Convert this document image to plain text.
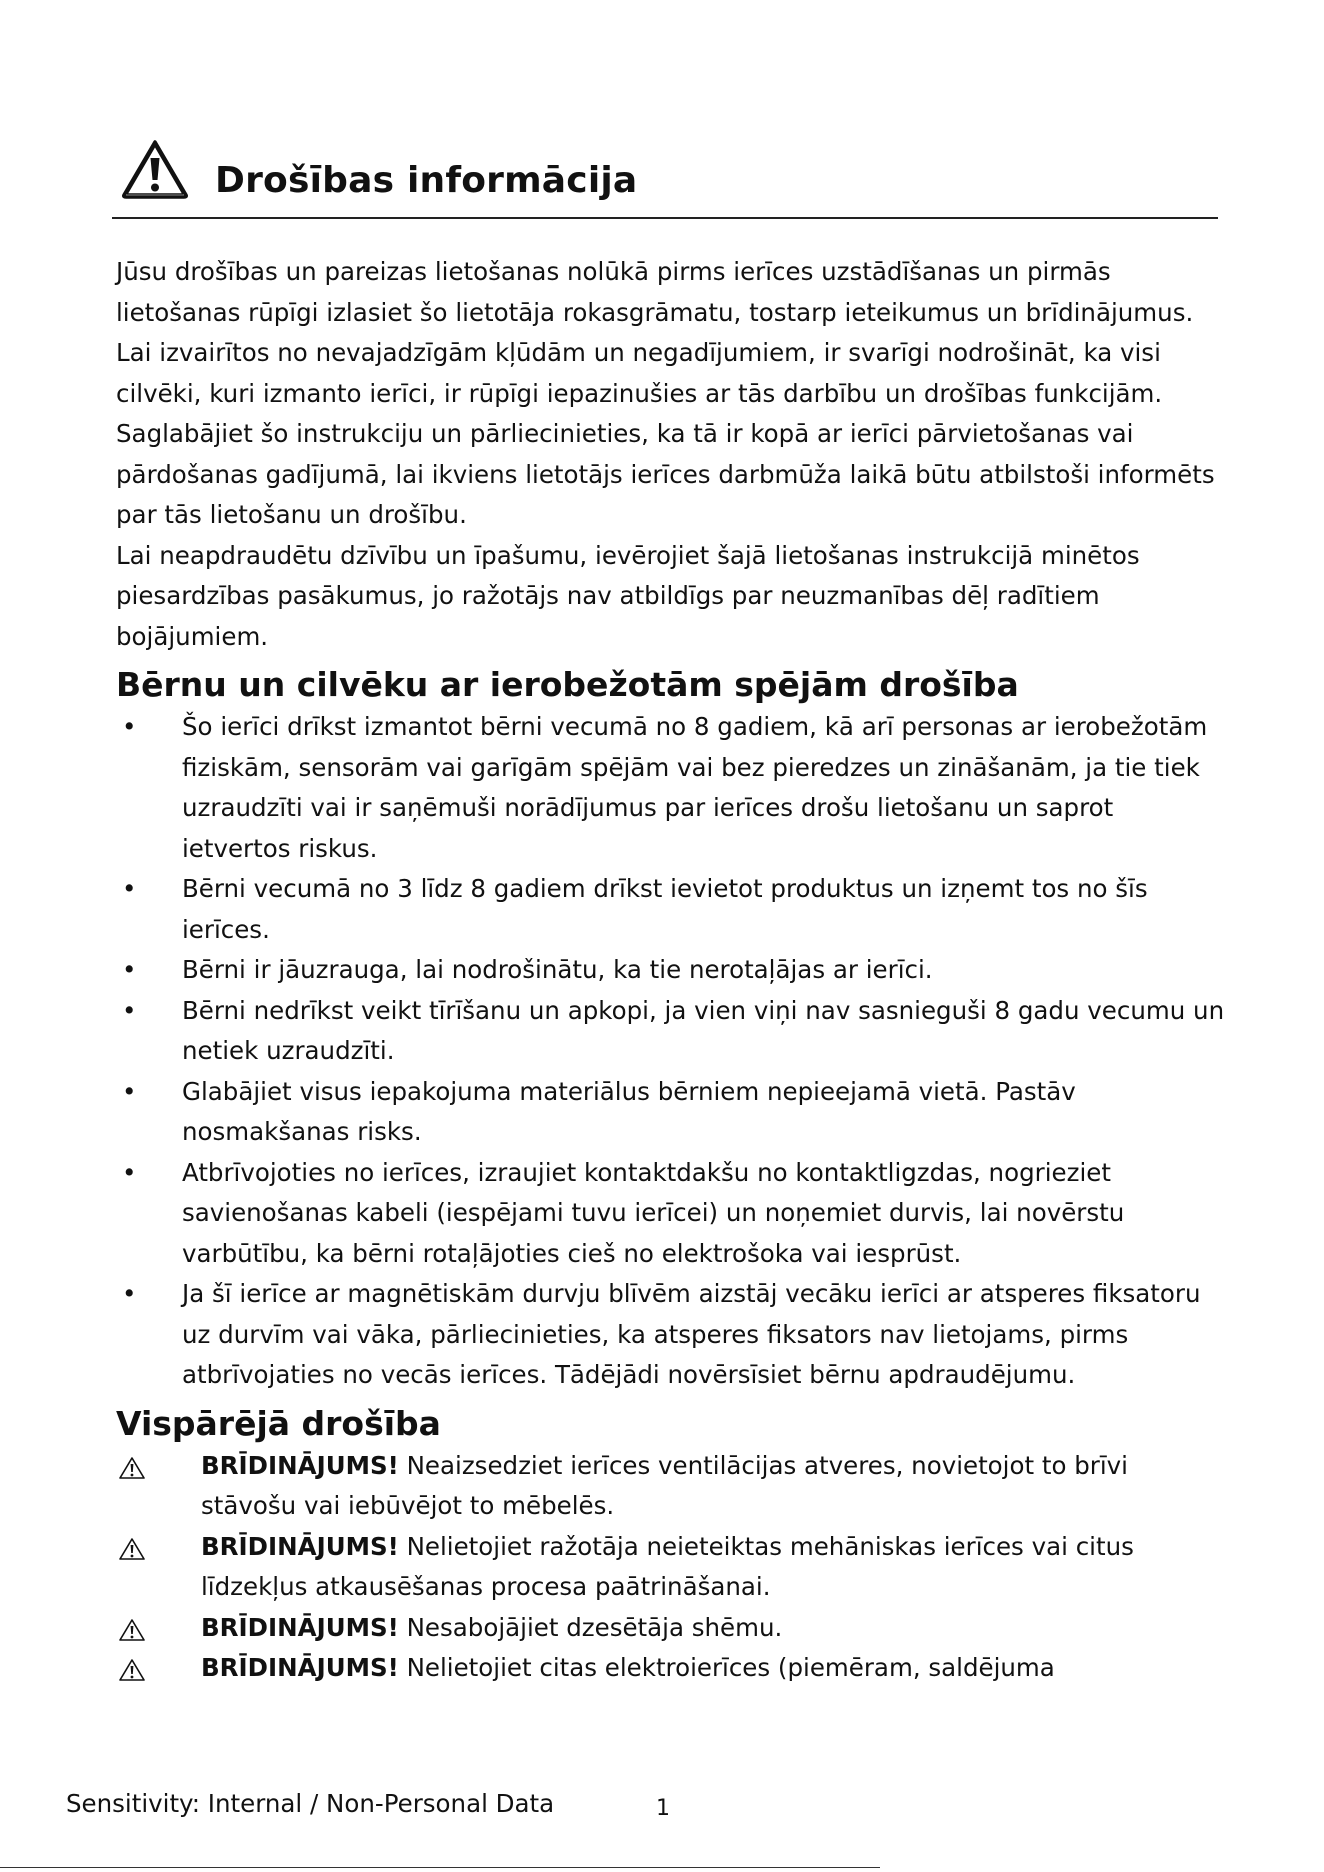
Drošības informācija

Jūsu drošības un pareizas lietošanas nolūkā pirms ierīces uzstādīšanas un pirmās lietošanas rūpīgi izlasiet šo lietotāja rokasgrāmatu, tostarp ieteikumus un brīdinājumus. Lai izvairītos no nevajadzīgām kļūdām un negadījumiem, ir svarīgi nodrošināt, ka visi cilvēki, kuri izmanto ierīci, ir rūpīgi iepazinušies ar tās darbību un drošības funkcijām. Saglabājiet šo instrukciju un pārliecinieties, ka tā ir kopā ar ierīci pārvietošanas vai pārdošanas gadījumā, lai ikviens lietotājs ierīces darbmūža laikā būtu atbilstoši informēts par tās lietošanu un drošību.

Lai neapdraudētu dzīvību un īpašumu, ievērojiet šajā lietošanas instrukcijā minētos piesardzības pasākumus, jo ražotājs nav atbildīgs par neuzmanības dēļ radītiem bojājumiem.

Bērnu un cilvēku ar ierobežotām spējām drošība
• Šo ierīci drīkst izmantot bērni vecumā no 8 gadiem, kā arī personas ar ierobežotām fiziskām, sensorām vai garīgām spējām vai bez pieredzes un zināšanām, ja tie tiek uzraudzīti vai ir saņēmuši norādījumus par ierīces drošu lietošanu un saprot ietvertos riskus.
• Bērni vecumā no 3 līdz 8 gadiem drīkst ievietot produktus un izņemt tos no šīs ierīces.
• Bērni ir jāuzrauga, lai nodrošinātu, ka tie nerotaļājas ar ierīci.
• Bērni nedrīkst veikt tīrīšanu un apkopi, ja vien viņi nav sasnieguši 8 gadu vecumu un netiek uzraudzīti.
• Glabājiet visus iepakojuma materiālus bērniem nepieejamā vietā. Pastāv nosmakšanas risks.
• Atbrīvojoties no ierīces, izraujiet kontaktdakšu no kontaktligzdas, nogrieziet savienošanas kabeli (iespējami tuvu ierīcei) un noņemiet durvis, lai novērstu varbūtību, ka bērni rotaļājoties cieš no elektrošoka vai iesprūst.
• Ja šī ierīce ar magnētiskām durvju blīvēm aizstāj vecāku ierīci ar atsperes fiksatoru uz durvīm vai vāka, pārliecinieties, ka atsperes fiksators nav lietojams, pirms atbrīvojaties no vecās ierīces. Tādējādi novērsīsiet bērnu apdraudējumu.
Vispārējā drošība
BRĪDINĀJUMS! Neaizsedziet ierīces ventilācijas atveres, novietojot to brīvi stāvošu vai iebūvējot to mēbelēs.
BRĪDINĀJUMS! Nelietojiet ražotāja neieteiktas mehāniskas ierīces vai citus līdzekļus atkausēšanas procesa paātrināšanai.
BRĪDINĀJUMS! Nesabojājiet dzesētāja shēmu.
BRĪDINĀJUMS! Nelietojiet citas elektroierīces (piemēram, saldējuma
Sensitivity: Internal / Non-Personal Data	1
